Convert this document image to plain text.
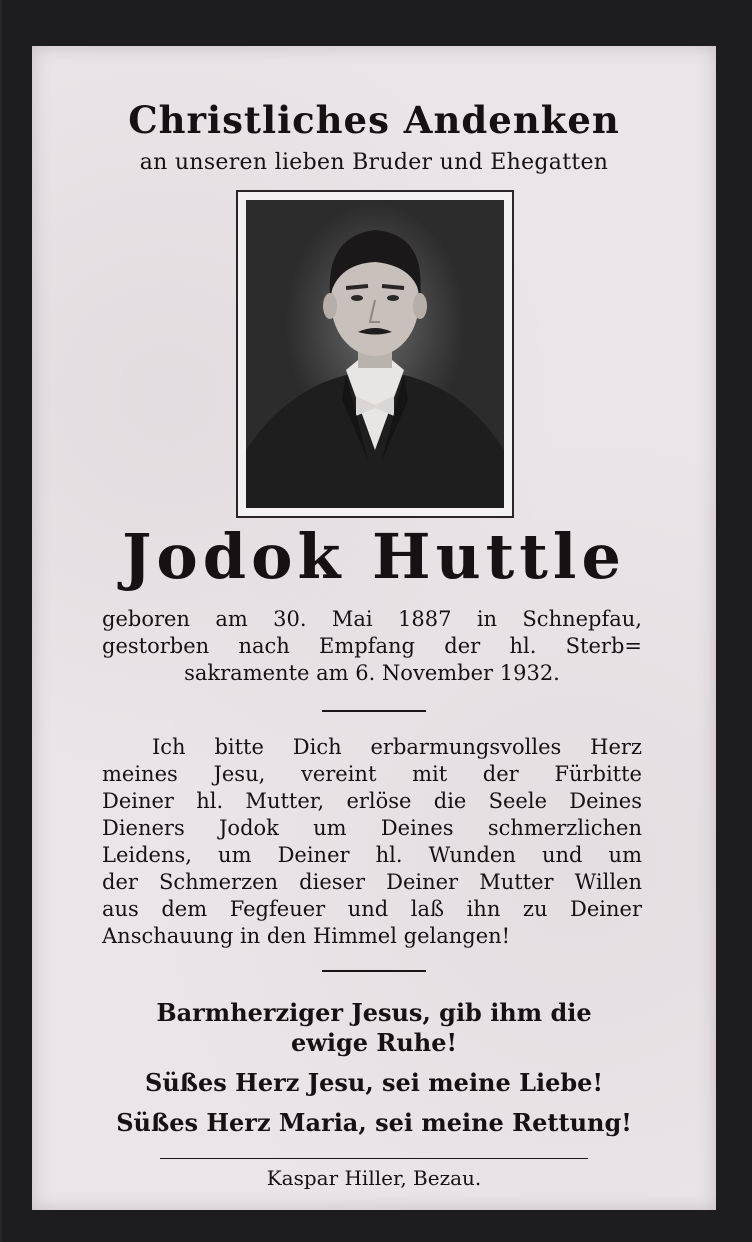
Christliches Andenken
an unseren lieben Bruder und Ehegatten
Jodok Huttle
geboren am 30. Mai 1887 in Schnepfau,
gestorben nach Empfang der hl. Sterb=
sakramente am 6. November 1932.
Ich bitte Dich erbarmungsvolles Herz
meines Jesu, vereint mit der Fürbitte
Deiner hl. Mutter, erlöse die Seele Deines
Dieners Jodok um Deines schmerzlichen
Leidens, um Deiner hl. Wunden und um
der Schmerzen dieser Deiner Mutter Willen
aus dem Fegfeuer und laß ihn zu Deiner
Anschauung in den Himmel gelangen!
Barmherziger Jesus, gib ihm die
ewige Ruhe!
Süßes Herz Jesu, sei meine Liebe!
Süßes Herz Maria, sei meine Rettung!
Kaspar Hiller, Bezau.
